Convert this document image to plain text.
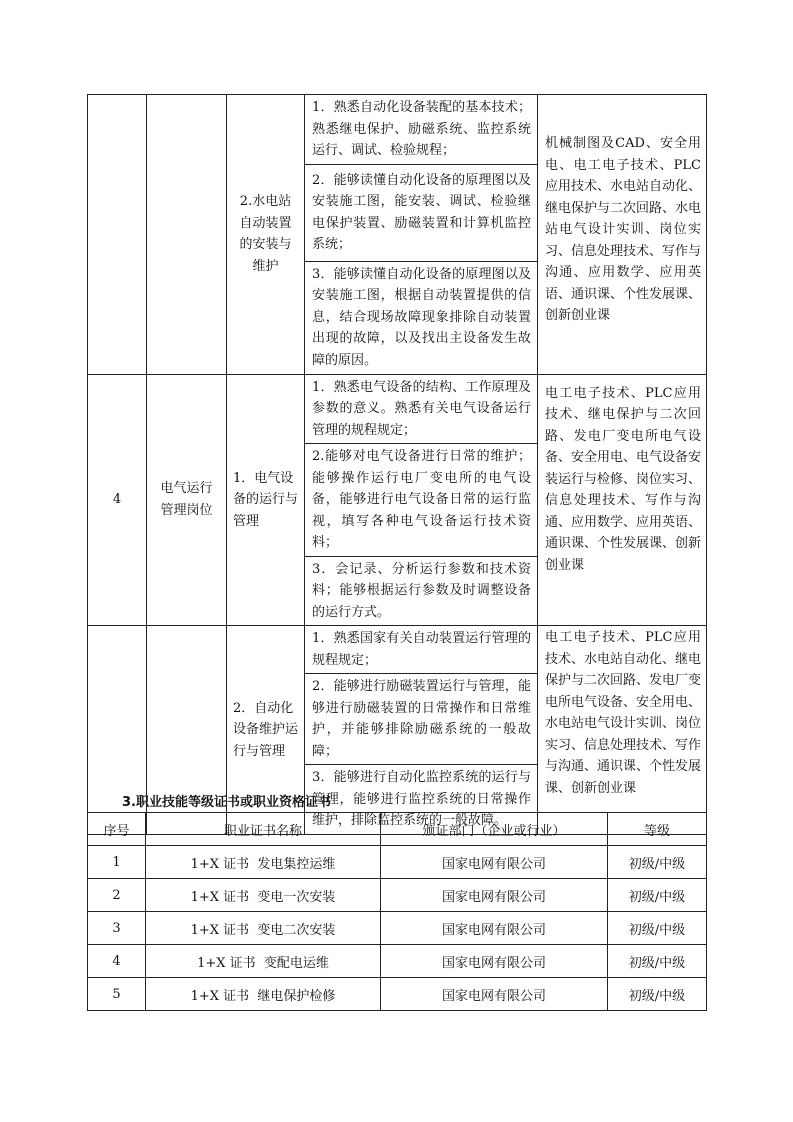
		2.水电站自动装置的安装与维护	1．熟悉自动化设备装配的基本技术；熟悉继电保护、励磁系统、监控系统运行、调试、检验规程；	机械制图及CAD、安全用电、电工电子技术、PLC应用技术、水电站自动化、继电保护与二次回路、水电站电气设计实训、岗位实习、信息处理技术、写作与沟通、应用数学、应用英语、通识课、个性发展课、创新创业课
			2．能够读懂自动化设备的原理图以及安装施工图，能安装、调试、检验继电保护装置、励磁装置和计算机监控系统；	
			3．能够读懂自动化设备的原理图以及安装施工图，根据自动装置提供的信息，结合现场故障现象排除自动装置出现的故障，以及找出主设备发生故障的原因。	
4	电气运行管理岗位	1．电气设备的运行与管理	1．熟悉电气设备的结构、工作原理及参数的意义。熟悉有关电气设备运行管理的规程规定；	电工电子技术、PLC应用技术、继电保护与二次回路、发电厂变电所电气设备、安全用电、电气设备安装运行与检修、岗位实习、信息处理技术、写作与沟通、应用数学、应用英语、通识课、个性发展课、创新创业课
			2.能够对电气设备进行日常的维护；能够操作运行电厂变电所的电气设备，能够进行电气设备日常的运行监视，填写各种电气设备运行技术资料；	
			3．会记录、分析运行参数和技术资料；能够根据运行参数及时调整设备的运行方式。	
		2．自动化设备维护运行与管理	1．熟悉国家有关自动装置运行管理的规程规定；	电工电子技术、PLC应用技术、水电站自动化、继电保护与二次回路、发电厂变电所电气设备、安全用电、水电站电气设计实训、岗位实习、信息处理技术、写作与沟通、通识课、个性发展课、创新创业课
			2．能够进行励磁装置运行与管理，能够进行励磁装置的日常操作和日常维护，并能够排除励磁系统的一般故障；	
			3．能够进行自动化监控系统的运行与管理，能够进行监控系统的日常操作维护，排除监控系统的一般故障。	
3.职业技能等级证书或职业资格证书
序号	职业证书名称	颁证部门（企业或行业）	等级
1	1+X 证书  发电集控运维	国家电网有限公司	初级/中级
2	1+X 证书  变电一次安装	国家电网有限公司	初级/中级
3	1+X 证书  变电二次安装	国家电网有限公司	初级/中级
4	1+X 证书  变配电运维	国家电网有限公司	初级/中级
5	1+X 证书  继电保护检修	国家电网有限公司	初级/中级
